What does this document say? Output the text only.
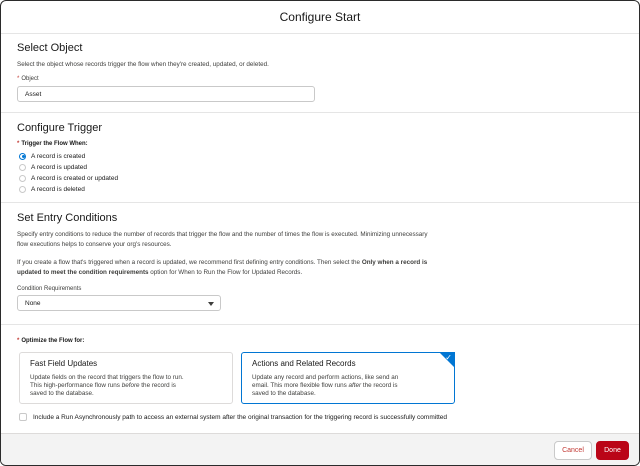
Configure Start
Select Object
Select the object whose records trigger the flow when they're created, updated, or deleted.
* Object
Asset
Configure Trigger
* Trigger the Flow When:
A record is created
A record is updated
A record is created or updated
A record is deleted
Set Entry Conditions
Specify entry conditions to reduce the number of records that trigger the flow and the number of times the flow is executed. Minimizing unnecessary
flow executions helps to conserve your org's resources.
If you create a flow that's triggered when a record is updated, we recommend first defining entry conditions. Then select the Only when a record is
updated to meet the condition requirements option for When to Run the Flow for Updated Records.
Condition Requirements
None
* Optimize the Flow for:
Fast Field Updates
Update fields on the record that triggers the flow to run.
This high-performance flow runs before the record is
saved to the database.
✓
Actions and Related Records
Update any record and perform actions, like send an
email. This more flexible flow runs after the record is
saved to the database.
Include a Run Asynchronously path to access an external system after the original transaction for the triggering record is successfully committed
Cancel	Done
